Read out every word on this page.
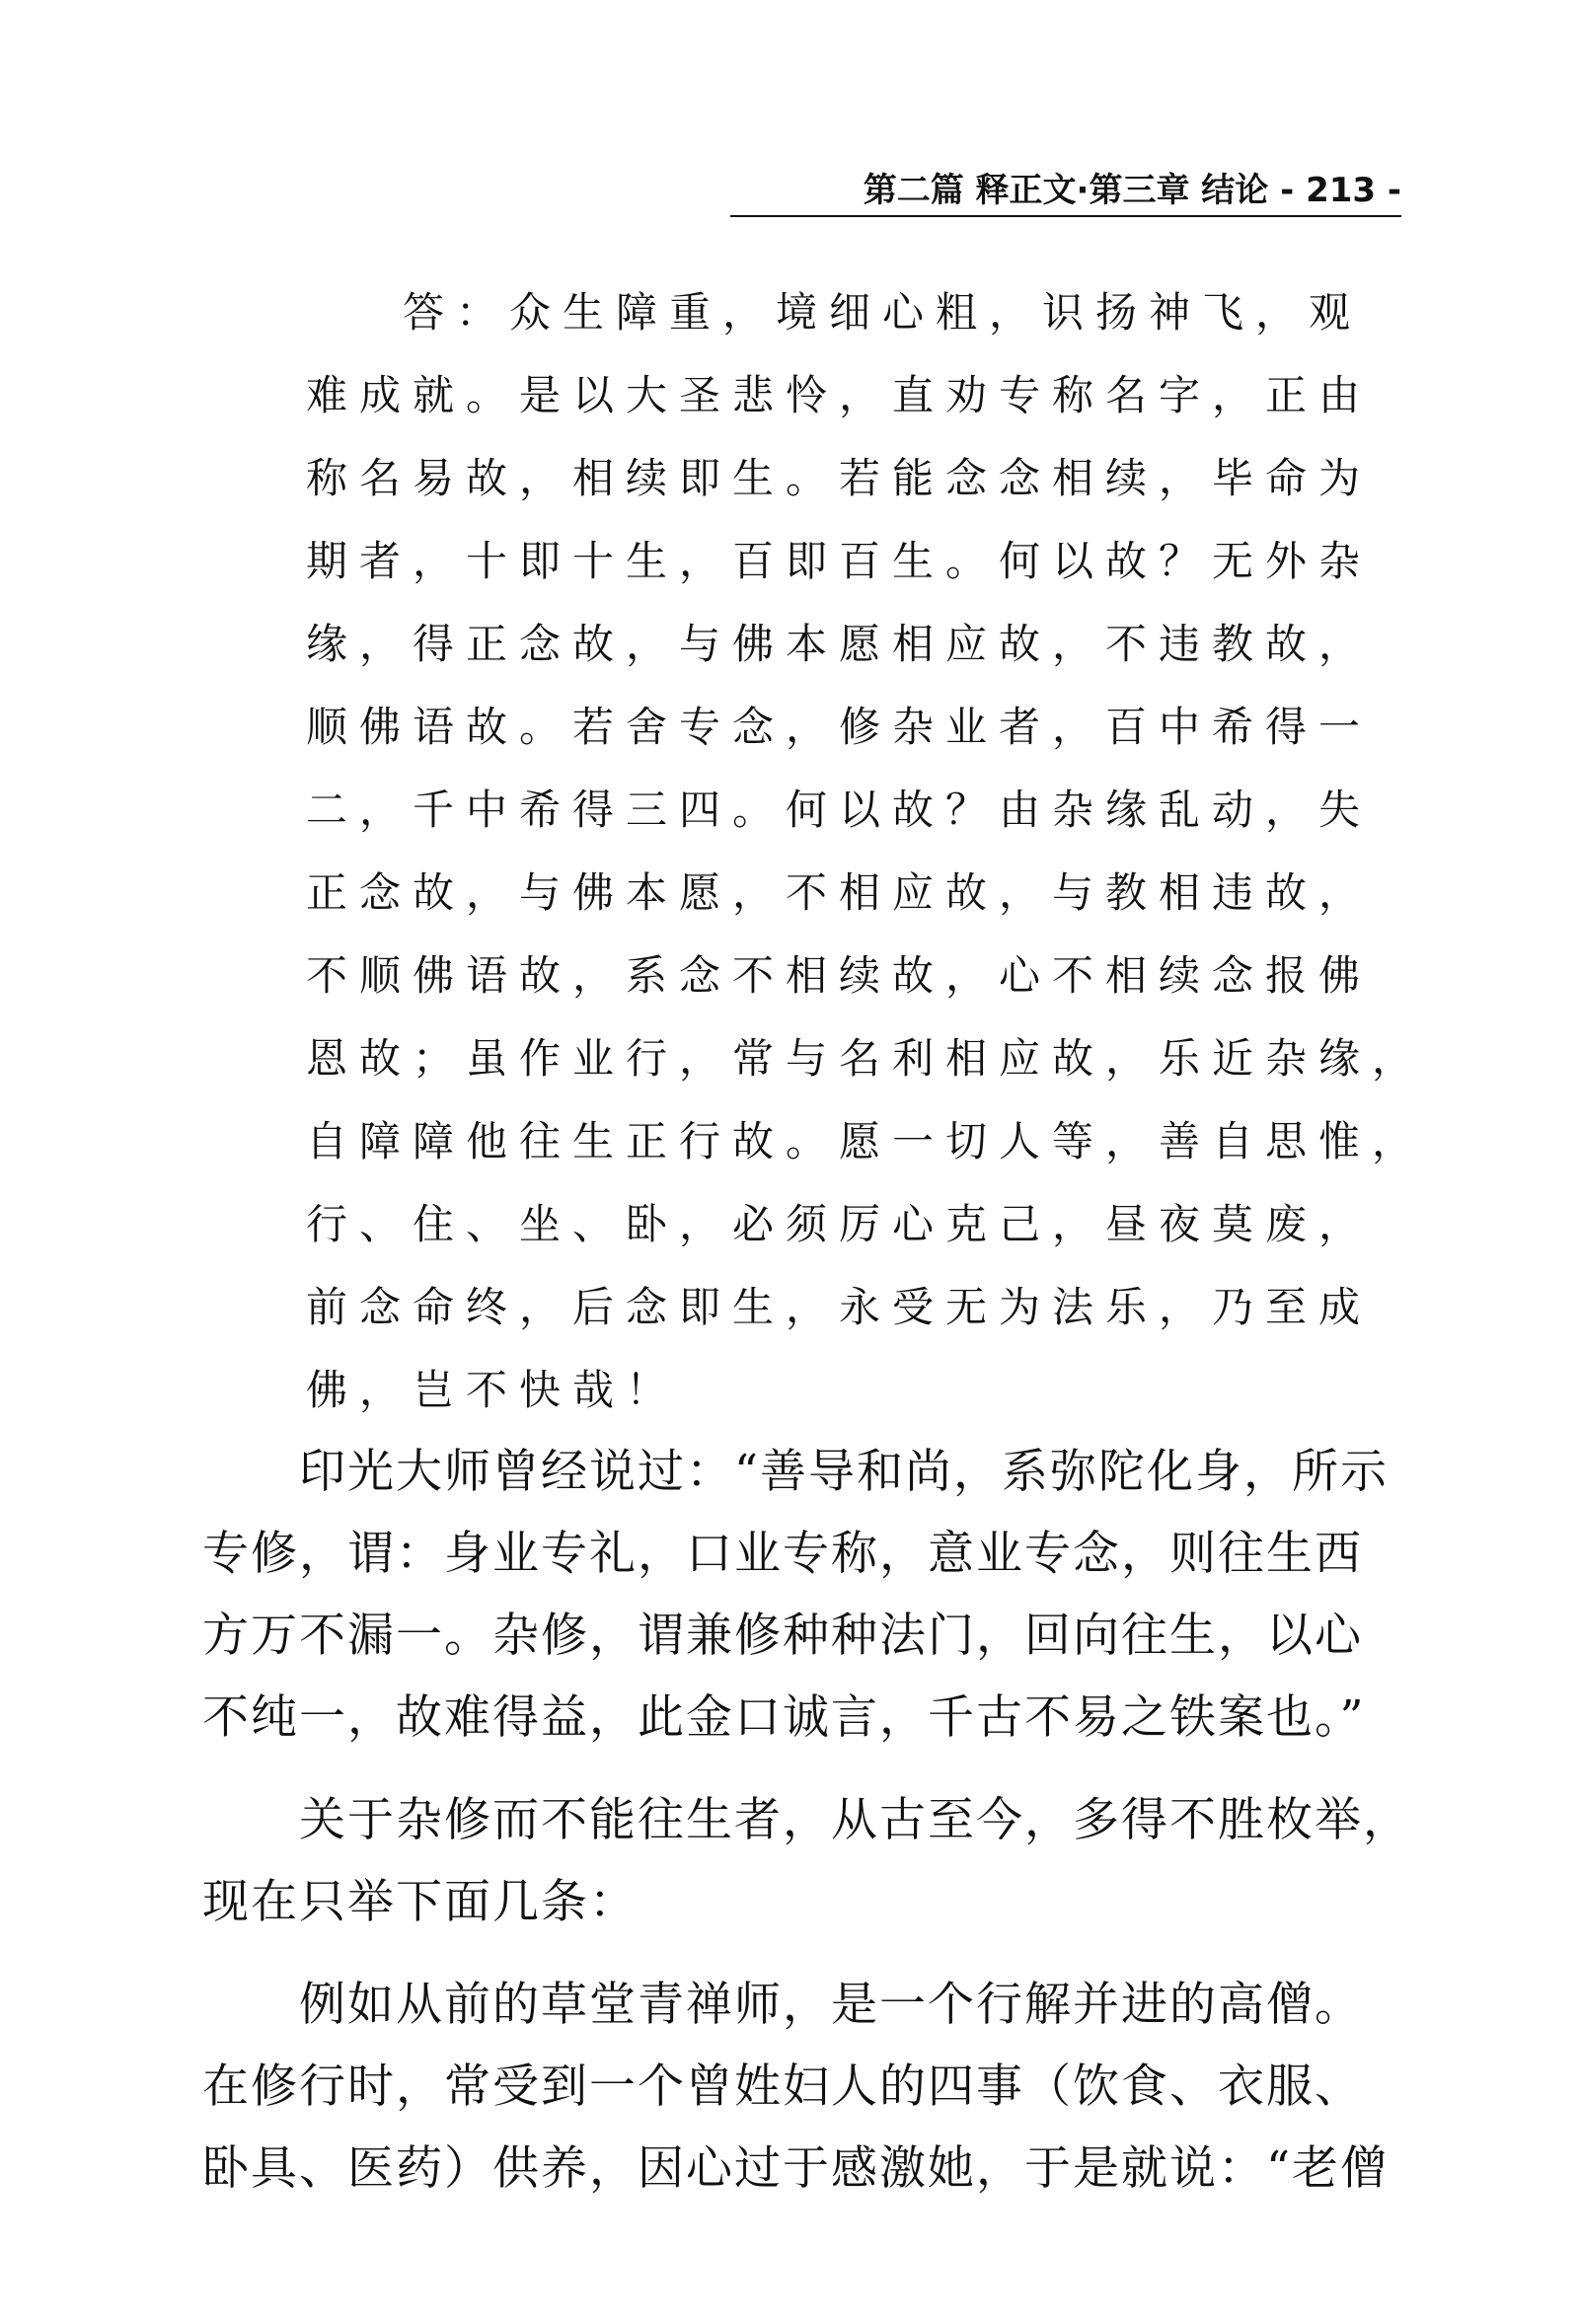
第二篇 释正文·第三章 结论 - 213 -
答：众生障重，境细心粗，识扬神飞，观
难成就。是以大圣悲怜，直劝专称名字，正由
称名易故，相续即生。若能念念相续，毕命为
期者，十即十生，百即百生。何以故？无外杂
缘，得正念故，与佛本愿相应故，不违教故，
顺佛语故。若舍专念，修杂业者，百中希得一
二，千中希得三四。何以故？由杂缘乱动，失
正念故，与佛本愿，不相应故，与教相违故，
不顺佛语故，系念不相续故，心不相续念报佛
恩故；虽作业行，常与名利相应故，乐近杂缘，
自障障他往生正行故。愿一切人等，善自思惟，
行、住、坐、卧，必须厉心克己，昼夜莫废，
前念命终，后念即生，永受无为法乐，乃至成
佛，岂不快哉！
印光大师曾经说过：“善导和尚，系弥陀化身，所示
专修，谓：身业专礼，口业专称，意业专念，则往生西
方万不漏一。杂修，谓兼修种种法门，回向往生，以心
不纯一，故难得益，此金口诚言，千古不易之铁案也。”
关于杂修而不能往生者，从古至今，多得不胜枚举，
现在只举下面几条：
例如从前的草堂青禅师，是一个行解并进的高僧。
在修行时，常受到一个曾姓妇人的四事（饮食、衣服、
卧具、医药）供养，因心过于感激她，于是就说：“老僧
